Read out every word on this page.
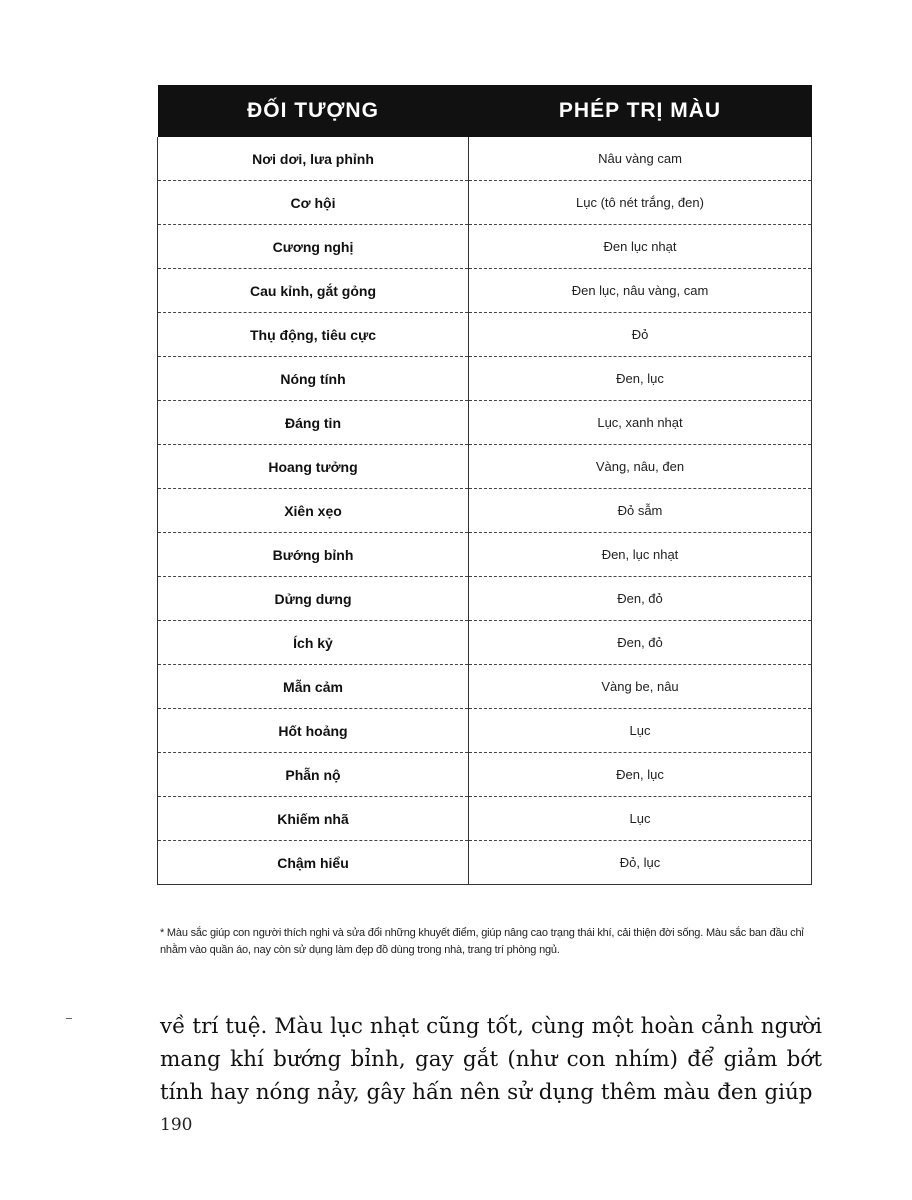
ĐỐI TƯỢNG	PHÉP TRỊ MÀU
Nơi dơi, lưa phỉnh	Nâu vàng cam
Cơ hội	Lục (tô nét trắng, đen)
Cương nghị	Đen lục nhạt
Cau kỉnh, gắt gỏng	Đen lục, nâu vàng, cam
Thụ động, tiêu cực	Đỏ
Nóng tính	Đen, lục
Đáng tin	Lục, xanh nhạt
Hoang tưởng	Vàng, nâu, đen
Xiên xẹo	Đỏ sẫm
Bướng bỉnh	Đen, lục nhạt
Dửng dưng	Đen, đỏ
Ích kỷ	Đen, đỏ
Mẫn cảm	Vàng be, nâu
Hốt hoảng	Lục
Phẫn nộ	Đen, lục
Khiếm nhã	Lục
Chậm hiểu	Đỏ, lục
* Màu sắc giúp con người thích nghi và sửa đổi những khuyết điểm, giúp nâng cao trạng thái khí, cải thiện đời sống. Màu sắc ban đầu chỉ nhằm vào quần áo, nay còn sử dụng làm đẹp đồ dùng trong nhà, trang trí phòng ngủ.
về trí tuệ. Màu lục nhạt cũng tốt, cùng một hoàn cảnh người mang khí bướng bỉnh, gay gắt (như con nhím) để giảm bớt tính hay nóng nảy, gây hấn nên sử dụng thêm màu đen giúp
190
